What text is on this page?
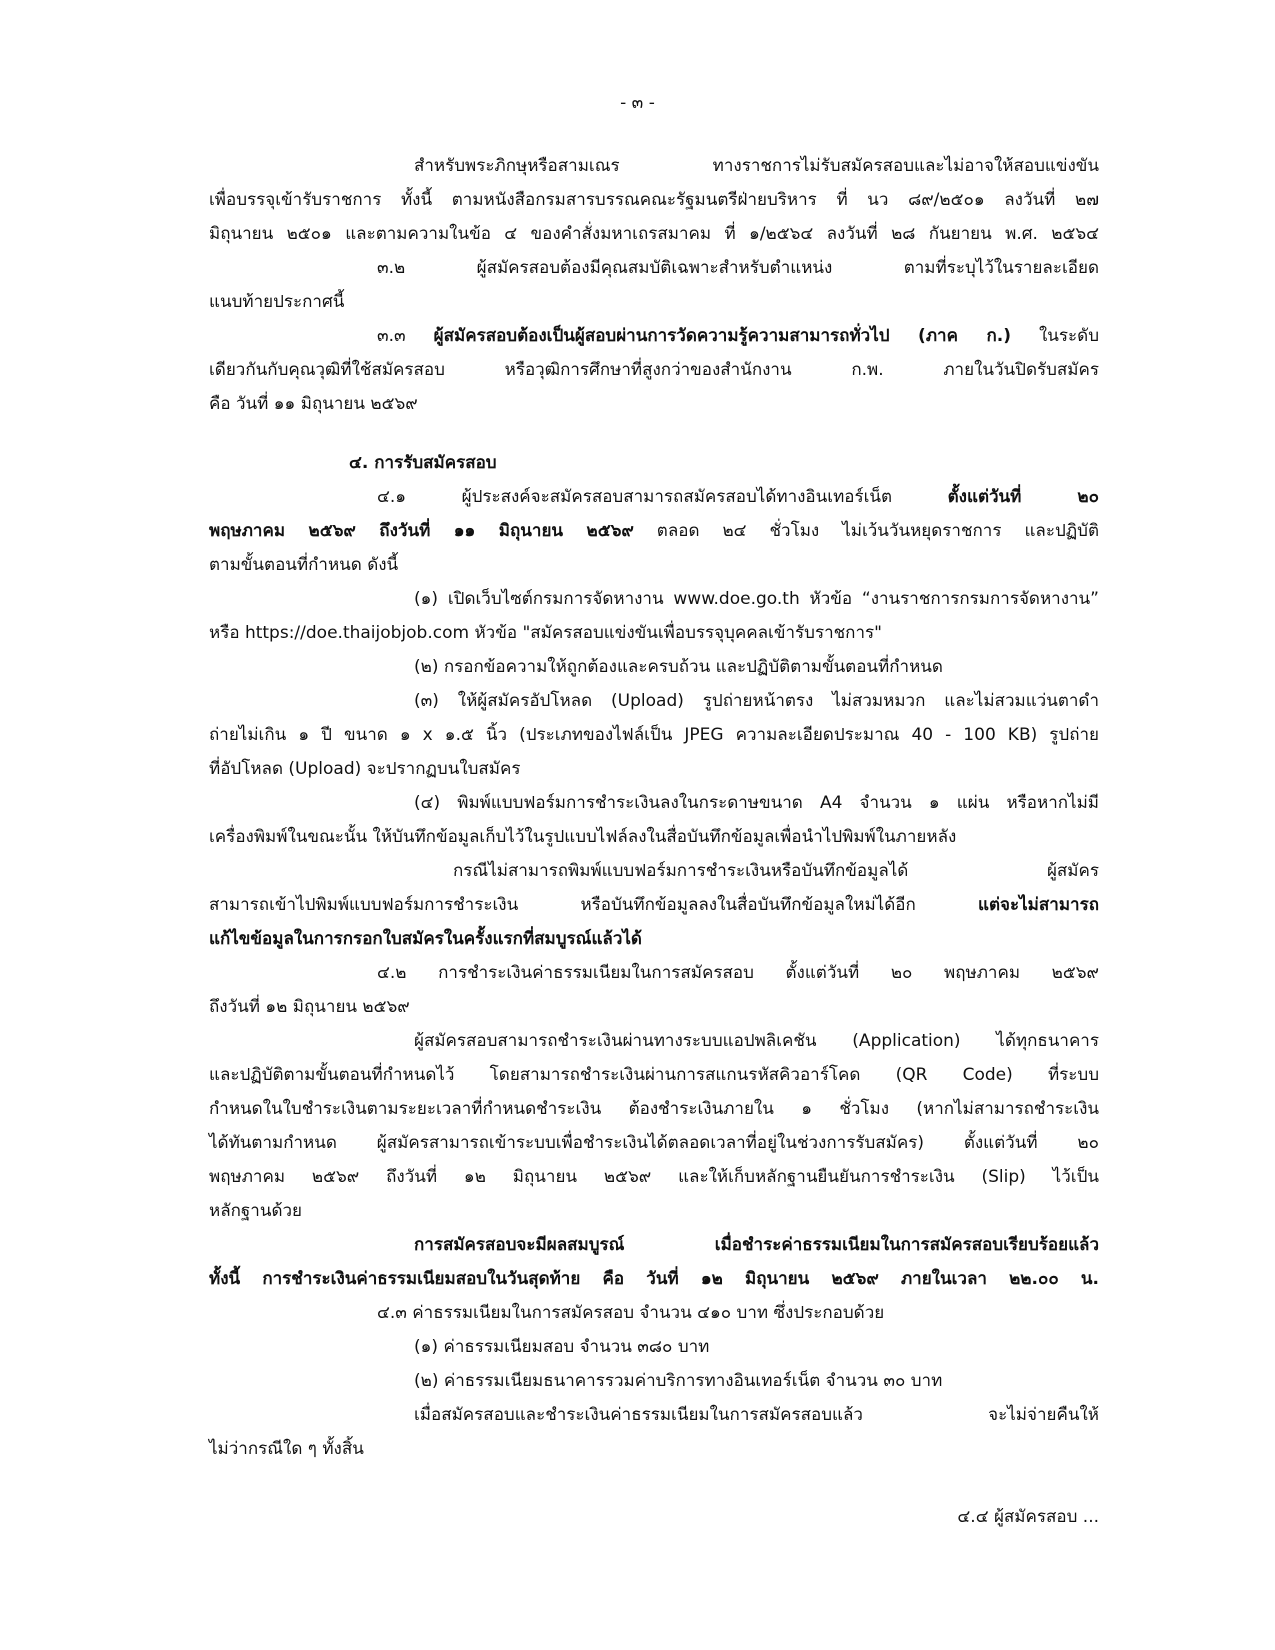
- ๓ -

สำหรับพระภิกษุหรือสามเณร ทางราชการไม่รับสมัครสอบและไม่อาจให้สอบแข่งขัน

เพื่อบรรจุเข้ารับราชการ ทั้งนี้ ตามหนังสือกรมสารบรรณคณะรัฐมนตรีฝ่ายบริหาร ที่ นว ๘๙/๒๕๐๑ ลงวันที่ ๒๗

มิถุนายน ๒๕๐๑ และตามความในข้อ ๔ ของคำสั่งมหาเถรสมาคม ที่ ๑/๒๕๖๔ ลงวันที่ ๒๘ กันยายน พ.ศ. ๒๕๖๔

๓.๒ ผู้สมัครสอบต้องมีคุณสมบัติเฉพาะสำหรับตำแหน่ง ตามที่ระบุไว้ในรายละเอียด

แนบท้ายประกาศนี้

๓.๓ ผู้สมัครสอบต้องเป็นผู้สอบผ่านการวัดความรู้ความสามารถทั่วไป (ภาค ก.) ในระดับ

เดียวกันกับคุณวุฒิที่ใช้สมัครสอบ หรือวุฒิการศึกษาที่สูงกว่าของสำนักงาน ก.พ. ภายในวันปิดรับสมัคร

คือ วันที่ ๑๑ มิถุนายน ๒๕๖๙

๔. การรับสมัครสอบ

๔.๑ ผู้ประสงค์จะสมัครสอบสามารถสมัครสอบได้ทางอินเทอร์เน็ต ตั้งแต่วันที่ ๒๐

พฤษภาคม ๒๕๖๙ ถึงวันที่ ๑๑ มิถุนายน ๒๕๖๙ ตลอด ๒๔ ชั่วโมง ไม่เว้นวันหยุดราชการ และปฏิบัติ

ตามขั้นตอนที่กำหนด ดังนี้

(๑) เปิดเว็บไซต์กรมการจัดหางาน www.doe.go.th หัวข้อ “งานราชการกรมการจัดหางาน”

หรือ https://doe.thaijobjob.com หัวข้อ "สมัครสอบแข่งขันเพื่อบรรจุบุคคลเข้ารับราชการ"

(๒) กรอกข้อความให้ถูกต้องและครบถ้วน และปฏิบัติตามขั้นตอนที่กำหนด

(๓) ให้ผู้สมัครอัปโหลด (Upload) รูปถ่ายหน้าตรง ไม่สวมหมวก และไม่สวมแว่นตาดำ

ถ่ายไม่เกิน ๑ ปี ขนาด ๑ x ๑.๕ นิ้ว (ประเภทของไฟล์เป็น JPEG ความละเอียดประมาณ 40 - 100 KB) รูปถ่าย

ที่อัปโหลด (Upload) จะปรากฏบนใบสมัคร

(๔) พิมพ์แบบฟอร์มการชำระเงินลงในกระดาษขนาด A4 จำนวน ๑ แผ่น หรือหากไม่มี

เครื่องพิมพ์ในขณะนั้น ให้บันทึกข้อมูลเก็บไว้ในรูปแบบไฟล์ลงในสื่อบันทึกข้อมูลเพื่อนำไปพิมพ์ในภายหลัง

กรณีไม่สามารถพิมพ์แบบฟอร์มการชำระเงินหรือบันทึกข้อมูลได้ ผู้สมัคร

สามารถเข้าไปพิมพ์แบบฟอร์มการชำระเงิน หรือบันทึกข้อมูลลงในสื่อบันทึกข้อมูลใหม่ได้อีก แต่จะไม่สามารถ

แก้ไขข้อมูลในการกรอกใบสมัครในครั้งแรกที่สมบูรณ์แล้วได้

๔.๒ การชำระเงินค่าธรรมเนียมในการสมัครสอบ ตั้งแต่วันที่ ๒๐ พฤษภาคม ๒๕๖๙

ถึงวันที่ ๑๒ มิถุนายน ๒๕๖๙

ผู้สมัครสอบสามารถชำระเงินผ่านทางระบบแอปพลิเคชัน (Application) ได้ทุกธนาคาร

และปฏิบัติตามขั้นตอนที่กำหนดไว้ โดยสามารถชำระเงินผ่านการสแกนรหัสคิวอาร์โคด (QR Code) ที่ระบบ

กำหนดในใบชำระเงินตามระยะเวลาที่กำหนดชำระเงิน ต้องชำระเงินภายใน ๑ ชั่วโมง (หากไม่สามารถชำระเงิน

ได้ทันตามกำหนด ผู้สมัครสามารถเข้าระบบเพื่อชำระเงินได้ตลอดเวลาที่อยู่ในช่วงการรับสมัคร) ตั้งแต่วันที่ ๒๐

พฤษภาคม ๒๕๖๙ ถึงวันที่ ๑๒ มิถุนายน ๒๕๖๙ และให้เก็บหลักฐานยืนยันการชำระเงิน (Slip) ไว้เป็น

หลักฐานด้วย

การสมัครสอบจะมีผลสมบูรณ์ เมื่อชำระค่าธรรมเนียมในการสมัครสอบเรียบร้อยแล้ว

ทั้งนี้ การชำระเงินค่าธรรมเนียมสอบในวันสุดท้าย คือ วันที่ ๑๒ มิถุนายน ๒๕๖๙ ภายในเวลา ๒๒.๐๐ น.

๔.๓ ค่าธรรมเนียมในการสมัครสอบ จำนวน ๔๑๐ บาท ซึ่งประกอบด้วย

(๑) ค่าธรรมเนียมสอบ จำนวน ๓๘๐ บาท

(๒) ค่าธรรมเนียมธนาคารรวมค่าบริการทางอินเทอร์เน็ต จำนวน ๓๐ บาท

เมื่อสมัครสอบและชำระเงินค่าธรรมเนียมในการสมัครสอบแล้ว จะไม่จ่ายคืนให้

ไม่ว่ากรณีใด ๆ ทั้งสิ้น

๔.๔ ผู้สมัครสอบ ...
